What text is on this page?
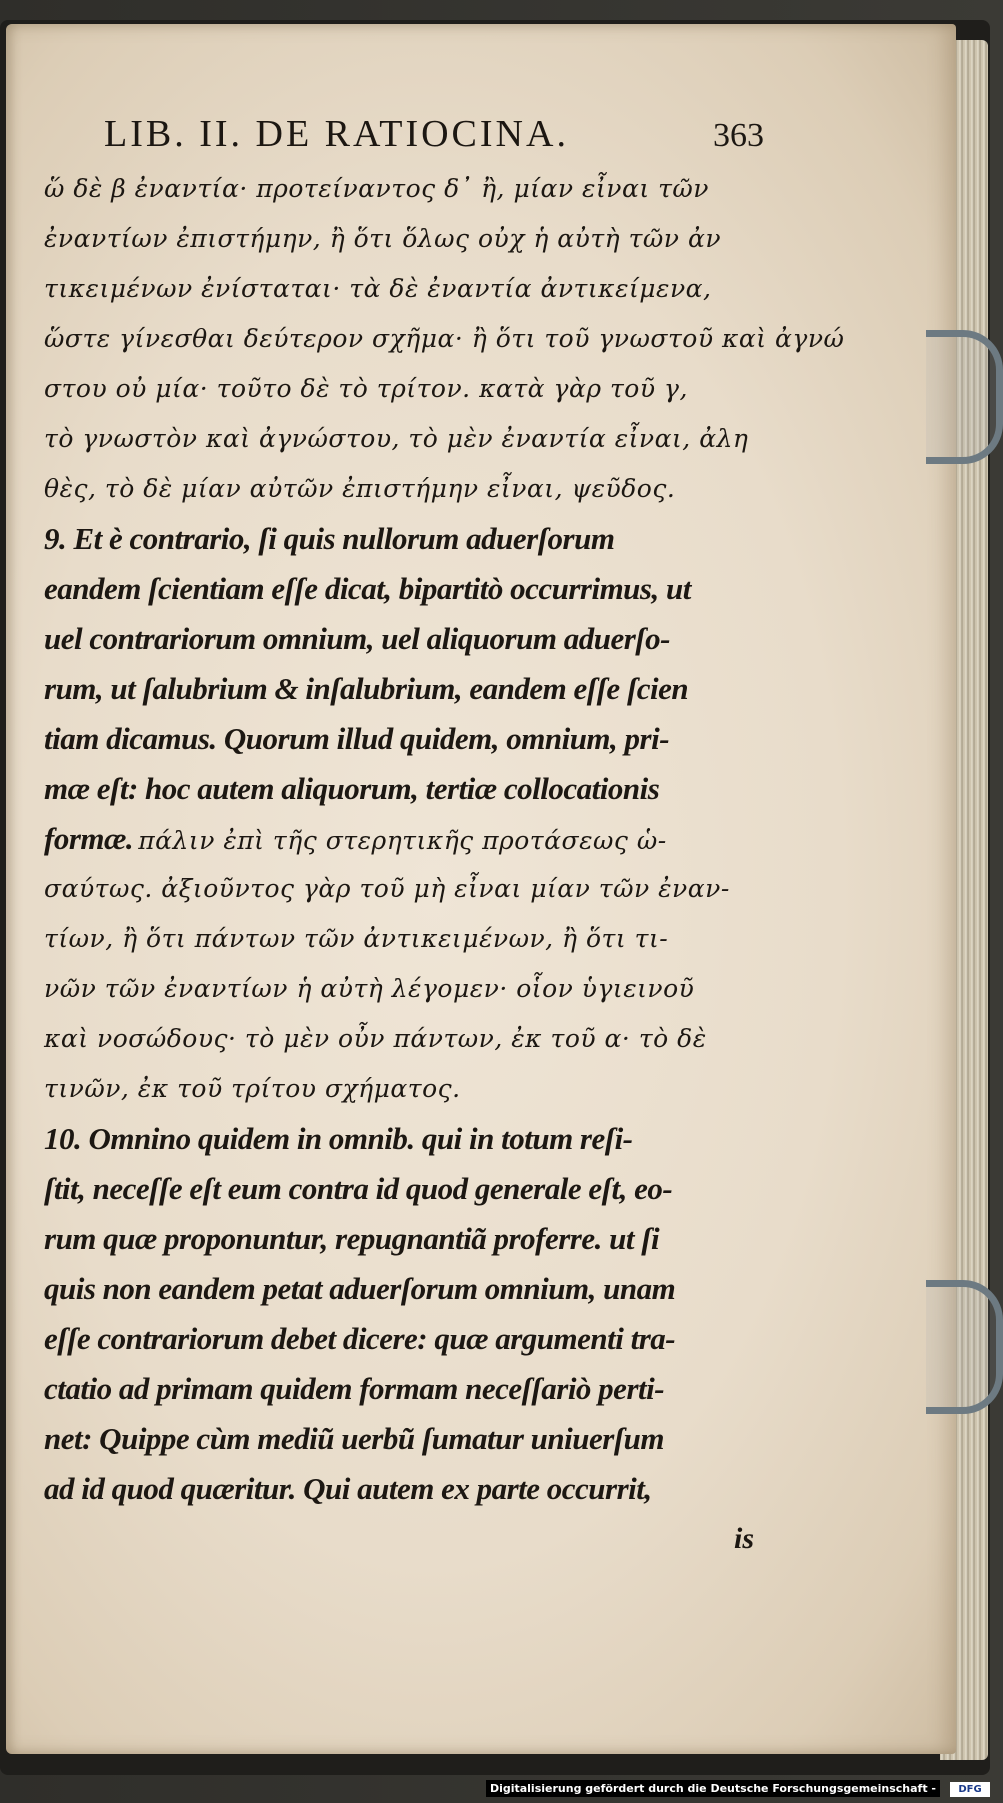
LIB. II. DE RATIOCINA.	363
ὥ δὲ β ἐναντία· προτείναντος δ᾽ ἢ, μίαν εἶναι τῶν
ἐναντίων ἐπιστήμην, ἢ ὅτι ὅλως οὐχ ἡ αὐτὴ τῶν ἀν
τικειμένων ἐνίσταται· τὰ δὲ ἐναντία ἀντικείμενα,
ὥστε γίνεσθαι δεύτερον σχῆμα· ἢ ὅτι τοῦ γνωστοῦ καὶ ἀγνώ
στου οὐ μία· τοῦτο δὲ τὸ τρίτον. κατὰ γὰρ τοῦ γ,
τὸ γνωστὸν καὶ ἀγνώστου, τὸ μὲν ἐναντία εἶναι, ἀλη
θὲς, τὸ δὲ μίαν αὐτῶν ἐπιστήμην εἶναι, ψεῦδος.
9. Et è contrario, ſi quis nullorum aduerſorum
eandem ſcientiam eſſe dicat, bipartitò occurrimus, ut
uel contrariorum omnium, uel aliquorum aduerſo-
rum, ut ſalubrium & inſalubrium, eandem eſſe ſcien
tiam dicamus. Quorum illud quidem, omnium, pri-
mæ eſt: hoc autem aliquorum, tertiæ collocationis
formæ. πάλιν ἐπὶ τῆς στερητικῆς προτάσεως ὡ-
σαύτως. ἀξιοῦντος γὰρ τοῦ μὴ εἶναι μίαν τῶν ἐναν-
τίων, ἢ ὅτι πάντων τῶν ἀντικειμένων, ἢ ὅτι τι-
νῶν τῶν ἐναντίων ἡ αὐτὴ λέγομεν· οἷον ὑγιεινοῦ
καὶ νοσώδους· τὸ μὲν οὖν πάντων, ἐκ τοῦ α· τὸ δὲ
τινῶν, ἐκ τοῦ τρίτου σχήματος.
10. Omnino quidem in omnib. qui in totum reſi-
ſtit, neceſſe eſt eum contra id quod generale eſt, eo-
rum quæ proponuntur, repugnantiã proferre. ut ſi
quis non eandem petat aduerſorum omnium, unam
eſſe contrariorum debet dicere: quæ argumenti tra-
ctatio ad primam quidem formam neceſſariò perti-
net: Quippe cùm mediũ uerbũ ſumatur uniuerſum
ad id quod quæritur. Qui autem ex parte occurrit,
is
Digitalisierung gefördert durch die Deutsche Forschungsgemeinschaft -	DFG
